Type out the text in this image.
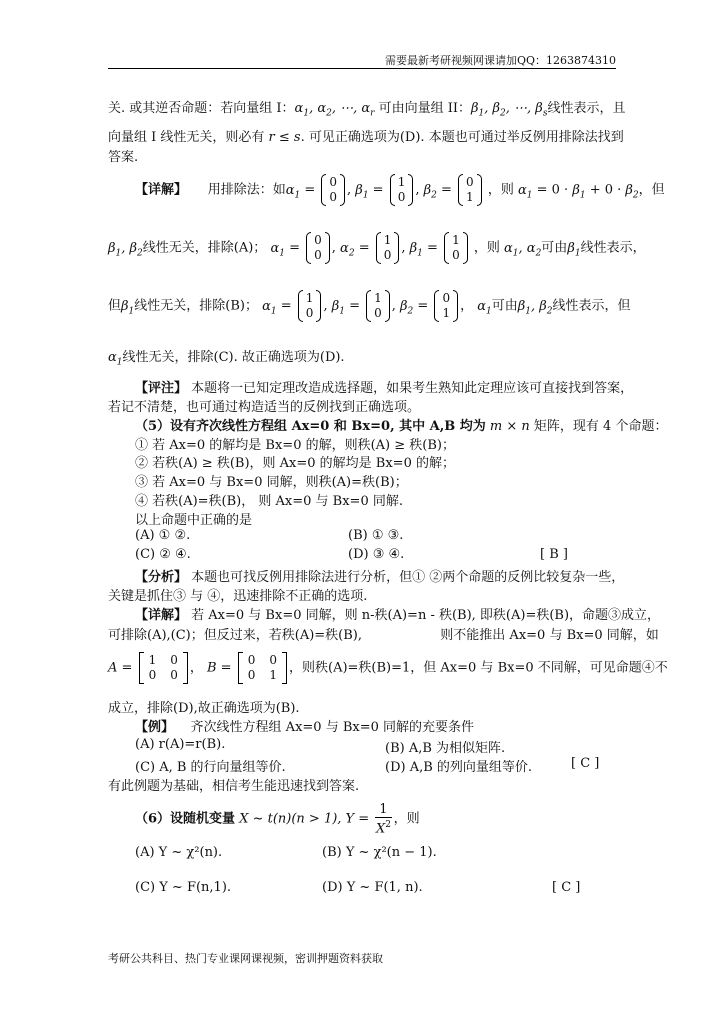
需要最新考研视频网课请加QQ：1263874310
关. 或其逆否命题：若向量组 I：$\alpha_1$, $\alpha_2$, ⋯, $\alpha_r$ 可由向量组 II：$\beta_1$, $\beta_2$, ⋯, $\beta_s$线性表示，且
向量组 I 线性无关，则必有 r ≤ s. 可见正确选项为(D). 本题也可通过举反例用排除法找到
答案.
【详解】 用排除法：如$\alpha_1$ =
0
0 , $\beta_1$ =
1
0 , $\beta_2$ =
0
1 ，则 $\alpha_1 = 0 \cdot \beta_1 + 0 \cdot \beta_2$，但
$\beta_1$, $\beta_2$线性无关，排除(A)； $\alpha_1$ =
0
0 , $\alpha_2$ =
1
0 , $\beta_1$ =
1
0 ，则 $\alpha_1$, $\alpha_2$可由$\beta_1$线性表示，
但$\beta_1$线性无关，排除(B)； $\alpha_1$ =
1
0 , $\beta_1$ =
1
0 , $\beta_2$ =
0
1 ， $\alpha_1$可由$\beta_1$, $\beta_2$线性表示，但
$\alpha_1$线性无关，排除(C). 故正确选项为(D).
【评注】 本题将一已知定理改造成选择题，如果考生熟知此定理应该可直接找到答案，
若记不清楚，也可通过构造适当的反例找到正确选项。
（5）设有齐次线性方程组 Ax=0 和 Bx=0, 其中 A,B 均为 m × n 矩阵，现有 4 个命题：
① 若 Ax=0 的解均是 Bx=0 的解，则秩(A) ≥ 秩(B)；
② 若秩(A) ≥ 秩(B)，则 Ax=0 的解均是 Bx=0 的解；
③ 若 Ax=0 与 Bx=0 同解，则秩(A)=秩(B)；
④ 若秩(A)=秩(B)， 则 Ax=0 与 Bx=0 同解.
以上命题中正确的是
(A) ① ②.	(B) ① ③.
(C) ② ④.	(D) ③ ④.	[ B ]
【分析】 本题也可找反例用排除法进行分析，但① ②两个命题的反例比较复杂一些，
关键是抓住③ 与 ④，迅速排除不正确的选项.
【详解】 若 Ax=0 与 Bx=0 同解，则 n-秩(A)=n - 秩(B), 即秩(A)=秩(B)，命题③成立，
可排除(A),(C)；但反过来，若秩(A)=秩(B),	则不能推出 Ax=0 与 Bx=0 同解，如
A =
1 0
0 0 ， B =
0 0
0 1 ，则秩(A)=秩(B)=1，但 Ax=0 与 Bx=0 不同解，可见命题④不
成立，排除(D),故正确选项为(B).
【例】 齐次线性方程组 Ax=0 与 Bx=0 同解的充要条件
(A) r(A)=r(B).	(B) A,B 为相似矩阵.
(C) A, B 的行向量组等价.	(D) A,B 的列向量组等价.	[ C ]
有此例题为基础，相信考生能迅速找到答案.
（6）设随机变量 X ~ t(n)(n > 1), $Y = \frac{1}{X^2}$ ，则
(A) Y ~ χ²(n).	(B) Y ~ χ²(n − 1).
(C) Y ~ F(n,1).	(D) Y ~ F(1, n).	[ C ]
考研公共科目、热门专业课网课视频，密训押题资料获取
